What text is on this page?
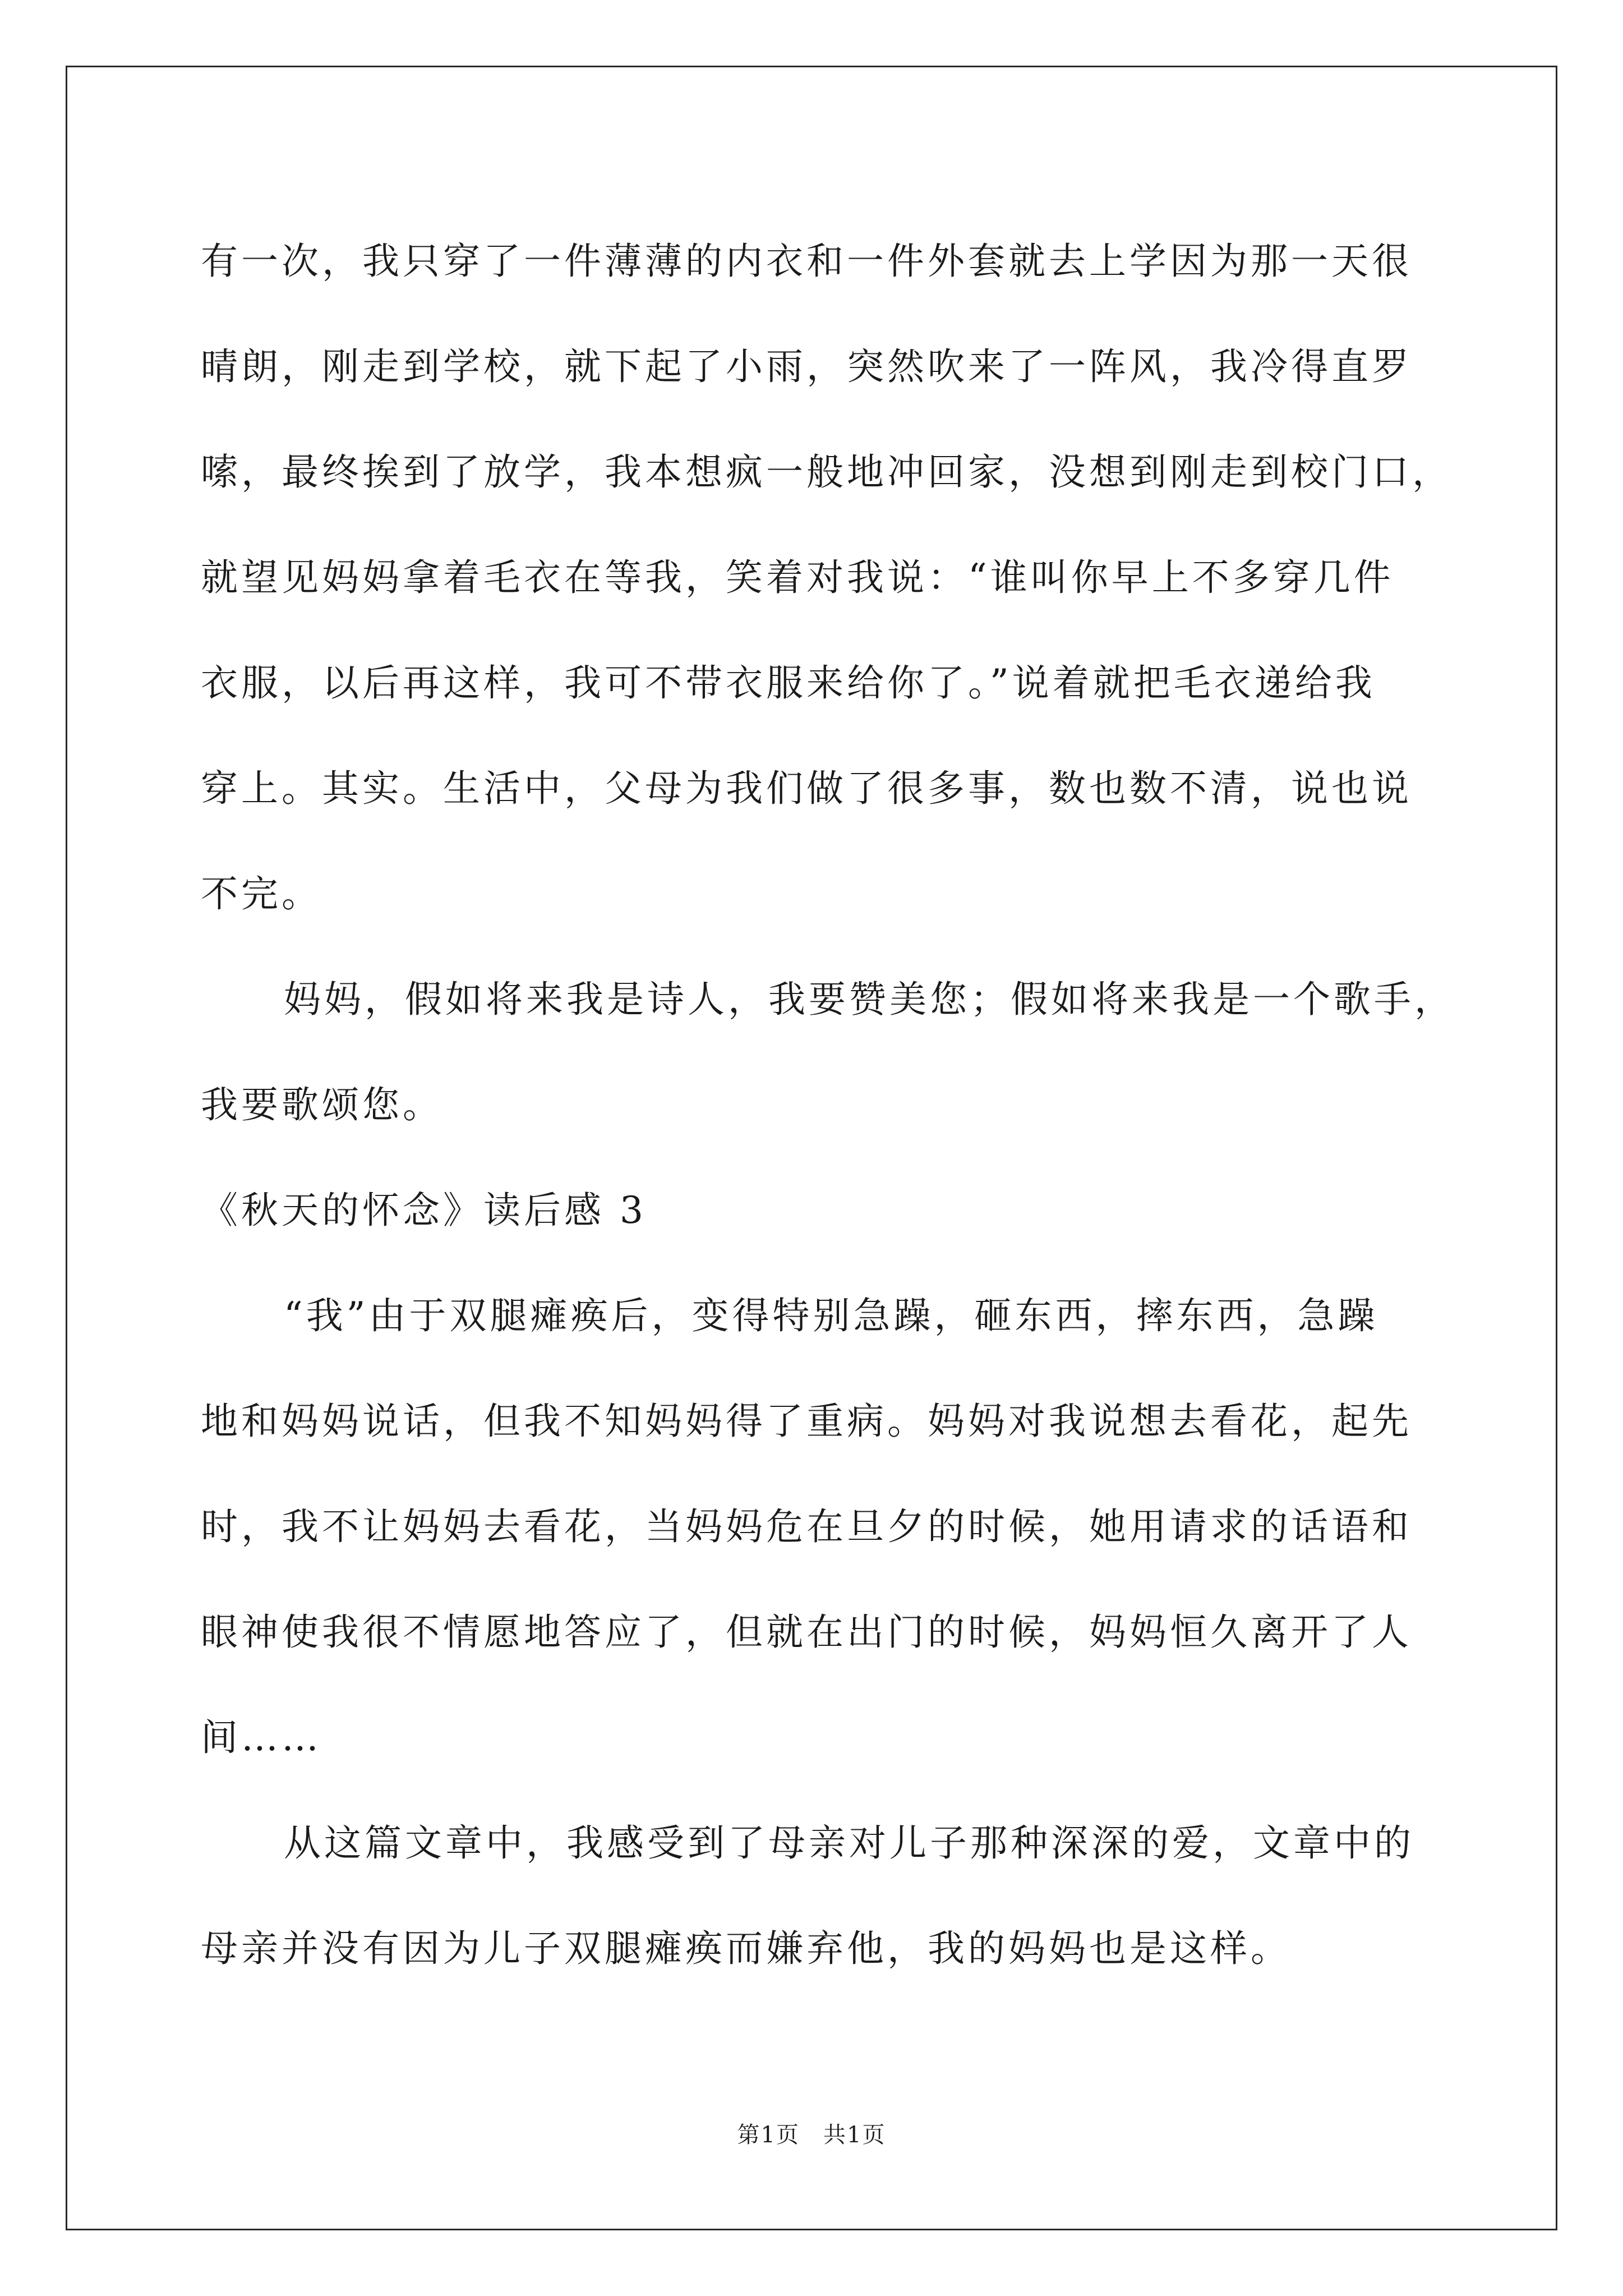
有一次，我只穿了一件薄薄的内衣和一件外套就去上学因为那一天很
晴朗，刚走到学校，就下起了小雨，突然吹来了一阵风，我冷得直罗
嗦，最终挨到了放学，我本想疯一般地冲回家，没想到刚走到校门口，
就望见妈妈拿着毛衣在等我，笑着对我说：“谁叫你早上不多穿几件
衣服，以后再这样，我可不带衣服来给你了。”说着就把毛衣递给我
穿上。其实。生活中，父母为我们做了很多事，数也数不清，说也说
不完。
妈妈，假如将来我是诗人，我要赞美您；假如将来我是一个歌手，
我要歌颂您。
《秋天的怀念》读后感 3
“我”由于双腿瘫痪后，变得特别急躁，砸东西，摔东西，急躁
地和妈妈说话，但我不知妈妈得了重病。妈妈对我说想去看花，起先
时，我不让妈妈去看花，当妈妈危在旦夕的时候，她用请求的话语和
眼神使我很不情愿地答应了，但就在出门的时候，妈妈恒久离开了人
间……
从这篇文章中，我感受到了母亲对儿子那种深深的爱，文章中的
母亲并没有因为儿子双腿瘫痪而嫌弃他，我的妈妈也是这样。
第1页　共1页
